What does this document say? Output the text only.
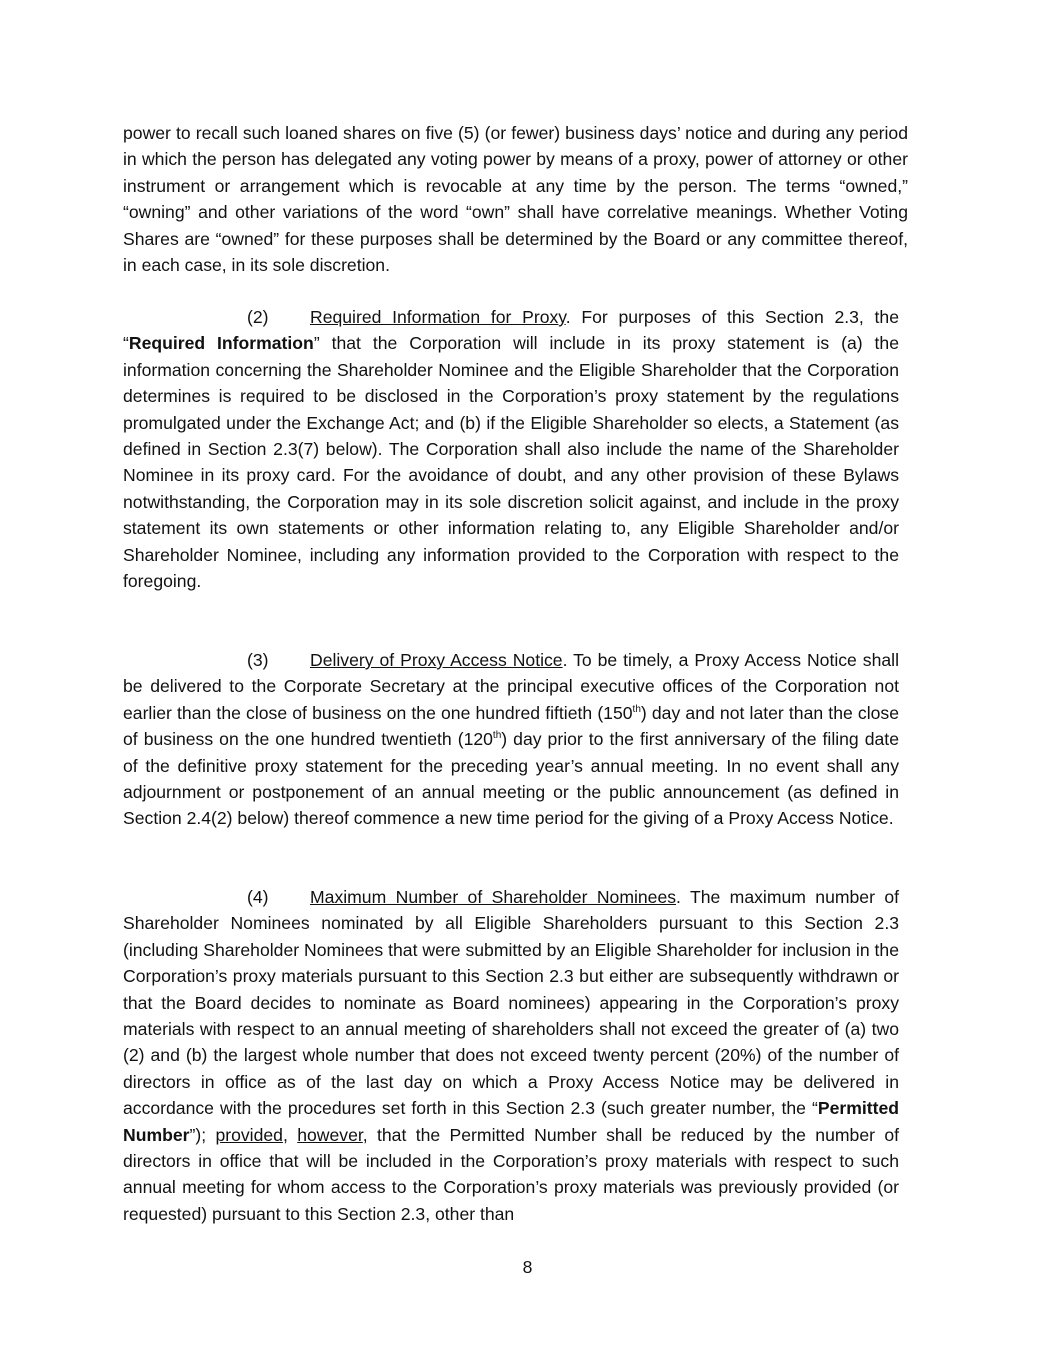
power to recall such loaned shares on five (5) (or fewer) business days’ notice and during any period in which the person has delegated any voting power by means of a proxy, power of attorney or other instrument or arrangement which is revocable at any time by the person. The terms “owned,” “owning” and other variations of the word “own” shall have correlative meanings. Whether Voting Shares are “owned” for these purposes shall be determined by the Board or any committee thereof, in each case, in its sole discretion.

(2) Required Information for Proxy. For purposes of this Section 2.3, the “Required Information” that the Corporation will include in its proxy statement is (a) the information concerning the Shareholder Nominee and the Eligible Shareholder that the Corporation determines is required to be disclosed in the Corporation’s proxy statement by the regulations promulgated under the Exchange Act; and (b) if the Eligible Shareholder so elects, a Statement (as defined in Section 2.3(7) below). The Corporation shall also include the name of the Shareholder Nominee in its proxy card. For the avoidance of doubt, and any other provision of these Bylaws notwithstanding, the Corporation may in its sole discretion solicit against, and include in the proxy statement its own statements or other information relating to, any Eligible Shareholder and/or Shareholder Nominee, including any information provided to the Corporation with respect to the foregoing.

(3) Delivery of Proxy Access Notice. To be timely, a Proxy Access Notice shall be delivered to the Corporate Secretary at the principal executive offices of the Corporation not earlier than the close of business on the one hundred fiftieth (150th) day and not later than the close of business on the one hundred twentieth (120th) day prior to the first anniversary of the filing date of the definitive proxy statement for the preceding year’s annual meeting. In no event shall any adjournment or postponement of an annual meeting or the public announcement (as defined in Section 2.4(2) below) thereof commence a new time period for the giving of a Proxy Access Notice.

(4) Maximum Number of Shareholder Nominees. The maximum number of Shareholder Nominees nominated by all Eligible Shareholders pursuant to this Section 2.3 (including Shareholder Nominees that were submitted by an Eligible Shareholder for inclusion in the Corporation’s proxy materials pursuant to this Section 2.3 but either are subsequently withdrawn or that the Board decides to nominate as Board nominees) appearing in the Corporation’s proxy materials with respect to an annual meeting of shareholders shall not exceed the greater of (a) two (2) and (b) the largest whole number that does not exceed twenty percent (20%) of the number of directors in office as of the last day on which a Proxy Access Notice may be delivered in accordance with the procedures set forth in this Section 2.3 (such greater number, the “Permitted Number”); provided, however, that the Permitted Number shall be reduced by the number of directors in office that will be included in the Corporation’s proxy materials with respect to such annual meeting for whom access to the Corporation’s proxy materials was previously provided (or requested) pursuant to this Section 2.3, other than

8
